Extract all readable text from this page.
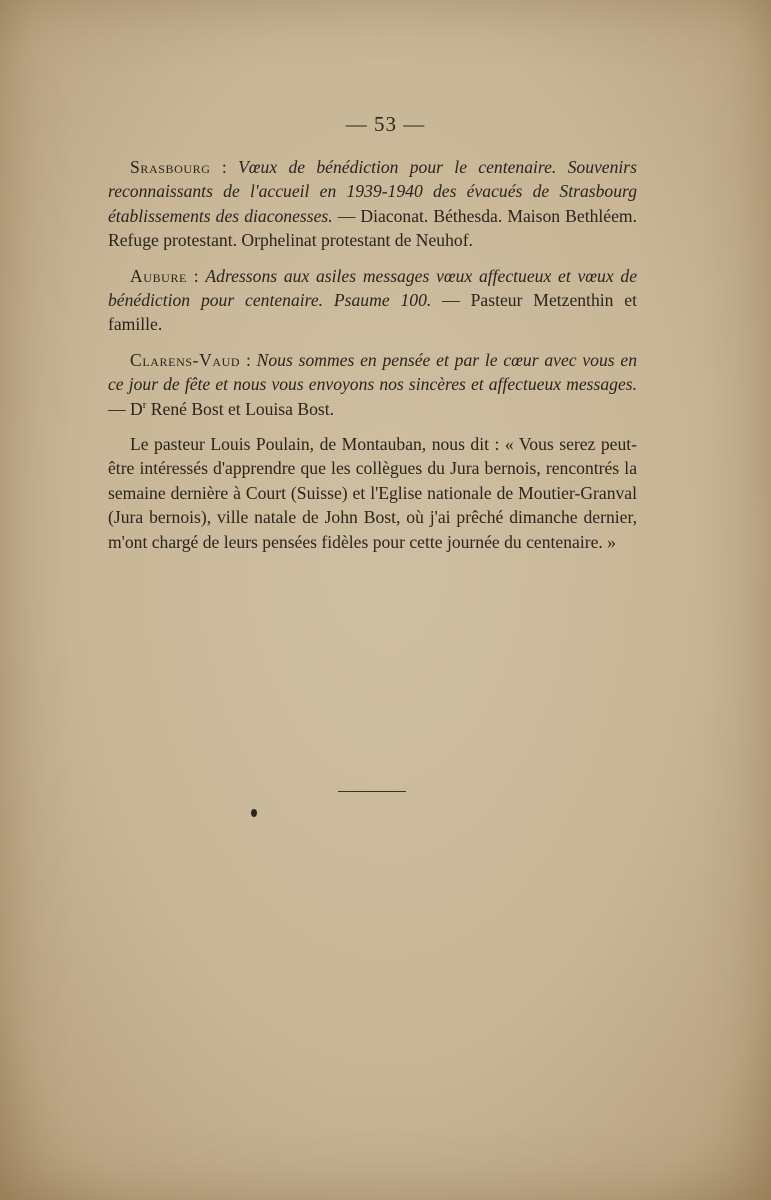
— 53 —

Srasbourg : Vœux de bénédiction pour le centenaire. Souvenirs reconnaissants de l'accueil en 1939-1940 des évacués de Strasbourg établissements des diaconesses. — Diaconat. Béthesda. Maison Bethléem. Refuge protestant. Orphelinat protestant de Neuhof.

Aubure : Adressons aux asiles messages vœux affectueux et vœux de bénédiction pour centenaire. Psaume 100. — Pasteur Metzenthin et famille.

Clarens-Vaud : Nous sommes en pensée et par le cœur avec vous en ce jour de fête et nous vous envoyons nos sincères et affectueux messages. — $D^r$ René Bost et Louisa Bost.

Le pasteur Louis Poulain, de Montauban, nous dit : « Vous serez peut-être intéressés d'apprendre que les collègues du Jura bernois, rencontrés la semaine dernière à Court (Suisse) et l'Eglise nationale de Moutier-Granval (Jura bernois), ville natale de John Bost, où j'ai prêché dimanche dernier, m'ont chargé de leurs pensées fidèles pour cette journée du centenaire. »
